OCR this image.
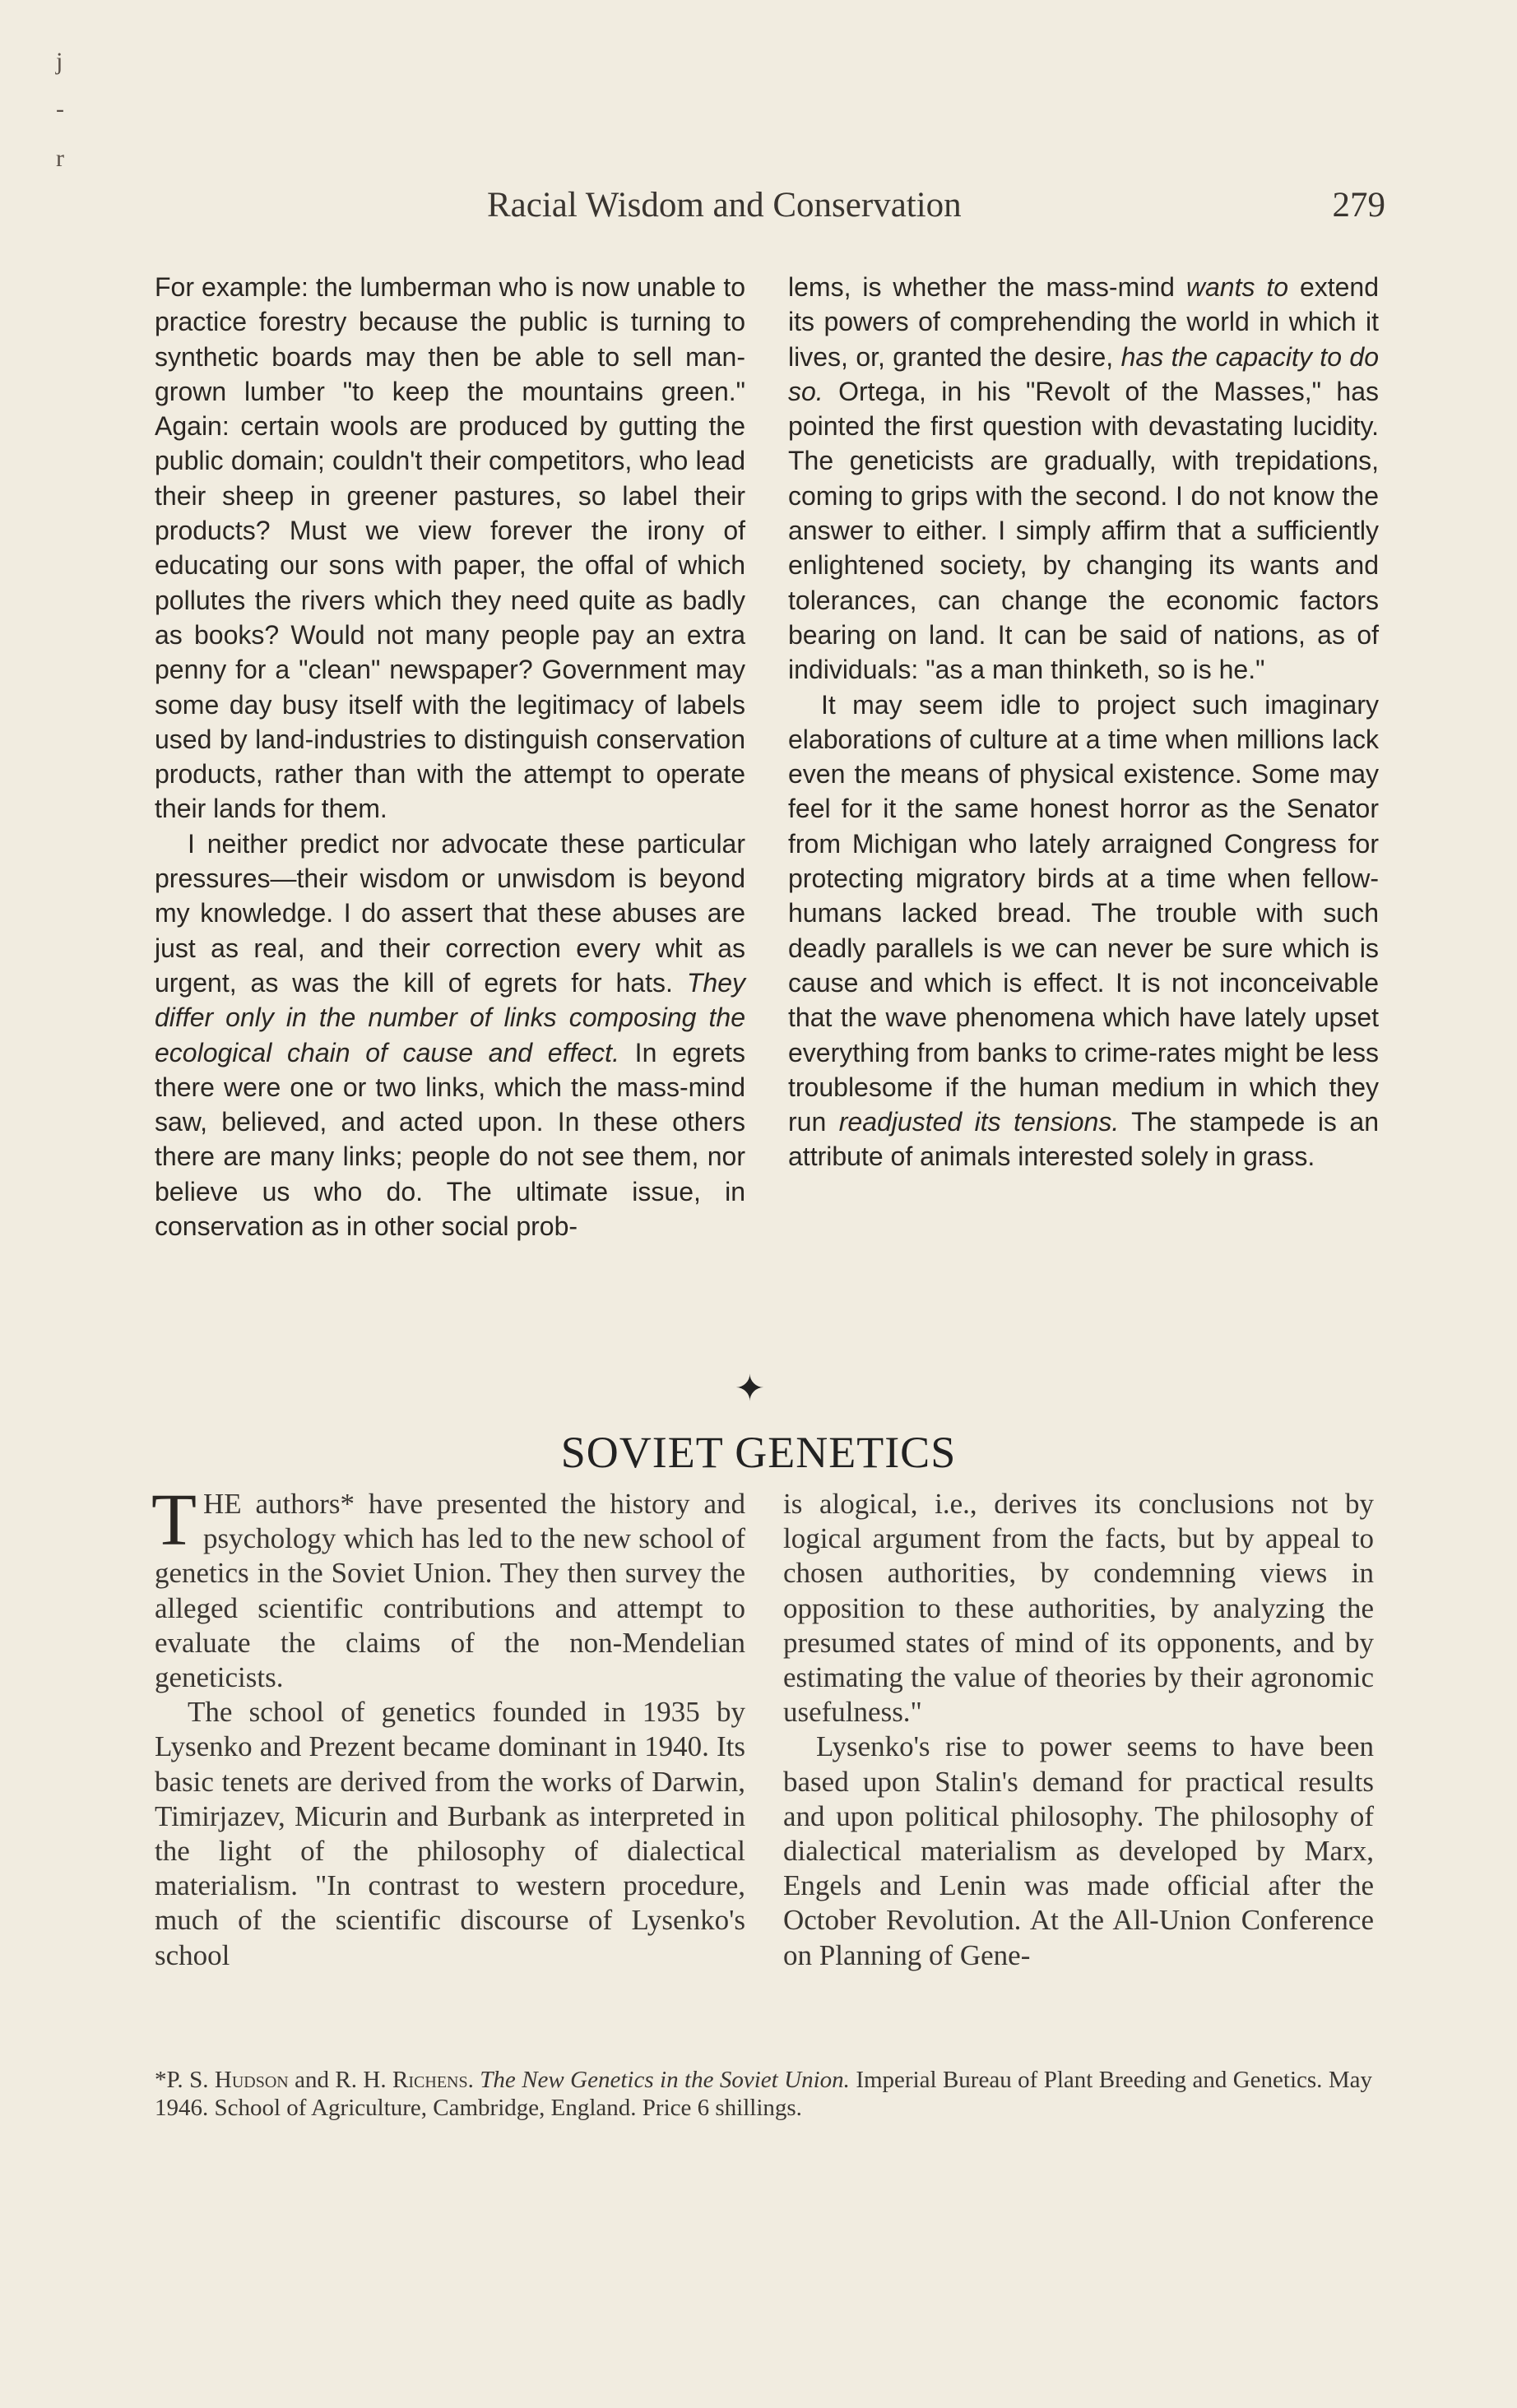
j
-
r
Racial Wisdom and Conservation	279

For example: the lumberman who is now unable to practice forestry because the public is turning to synthetic boards may then be able to sell man-grown lumber "to keep the mountains green." Again: certain wools are produced by gutting the public domain; couldn't their competitors, who lead their sheep in greener pastures, so label their products? Must we view forever the irony of educating our sons with paper, the offal of which pollutes the rivers which they need quite as badly as books? Would not many people pay an extra penny for a "clean" newspaper? Government may some day busy itself with the legitimacy of labels used by land-industries to distinguish conservation products, rather than with the attempt to operate their lands for them.

I neither predict nor advocate these particular pressures—their wisdom or unwisdom is beyond my knowledge. I do assert that these abuses are just as real, and their correction every whit as urgent, as was the kill of egrets for hats. They differ only in the number of links composing the ecological chain of cause and effect. In egrets there were one or two links, which the mass-mind saw, believed, and acted upon. In these others there are many links; people do not see them, nor believe us who do. The ultimate issue, in conservation as in other social prob-

lems, is whether the mass-mind wants to extend its powers of comprehending the world in which it lives, or, granted the desire, has the capacity to do so. Ortega, in his "Revolt of the Masses," has pointed the first question with devastating lucidity. The geneticists are gradually, with trepidations, coming to grips with the second. I do not know the answer to either. I simply affirm that a sufficiently enlightened society, by changing its wants and tolerances, can change the economic factors bearing on land. It can be said of nations, as of individuals: "as a man thinketh, so is he."

It may seem idle to project such imaginary elaborations of culture at a time when millions lack even the means of physical existence. Some may feel for it the same honest horror as the Senator from Michigan who lately arraigned Congress for protecting migratory birds at a time when fellow-humans lacked bread. The trouble with such deadly parallels is we can never be sure which is cause and which is effect. It is not inconceivable that the wave phenomena which have lately upset everything from banks to crime-rates might be less troublesome if the human medium in which they run readjusted its tensions. The stampede is an attribute of animals interested solely in grass.

✦
SOVIET GENETICS

THE authors* have presented the history and psychology which has led to the new school of genetics in the Soviet Union. They then survey the alleged scientific contributions and attempt to evaluate the claims of the non-Mendelian geneticists.

The school of genetics founded in 1935 by Lysenko and Prezent became dominant in 1940. Its basic tenets are derived from the works of Darwin, Timirjazev, Micurin and Burbank as interpreted in the light of the philosophy of dialectical materialism. "In contrast to western procedure, much of the scientific discourse of Lysenko's school

is alogical, i.e., derives its conclusions not by logical argument from the facts, but by appeal to chosen authorities, by condemning views in opposition to these authorities, by analyzing the presumed states of mind of its opponents, and by estimating the value of theories by their agronomic usefulness."

Lysenko's rise to power seems to have been based upon Stalin's demand for practical results and upon political philosophy. The philosophy of dialectical materialism as developed by Marx, Engels and Lenin was made official after the October Revolution. At the All-Union Conference on Planning of Gene-

*P. S. Hudson and R. H. Richens. The New Genetics in the Soviet Union. Imperial Bureau of Plant Breeding and Genetics. May 1946. School of Agriculture, Cambridge, England. Price 6 shillings.
